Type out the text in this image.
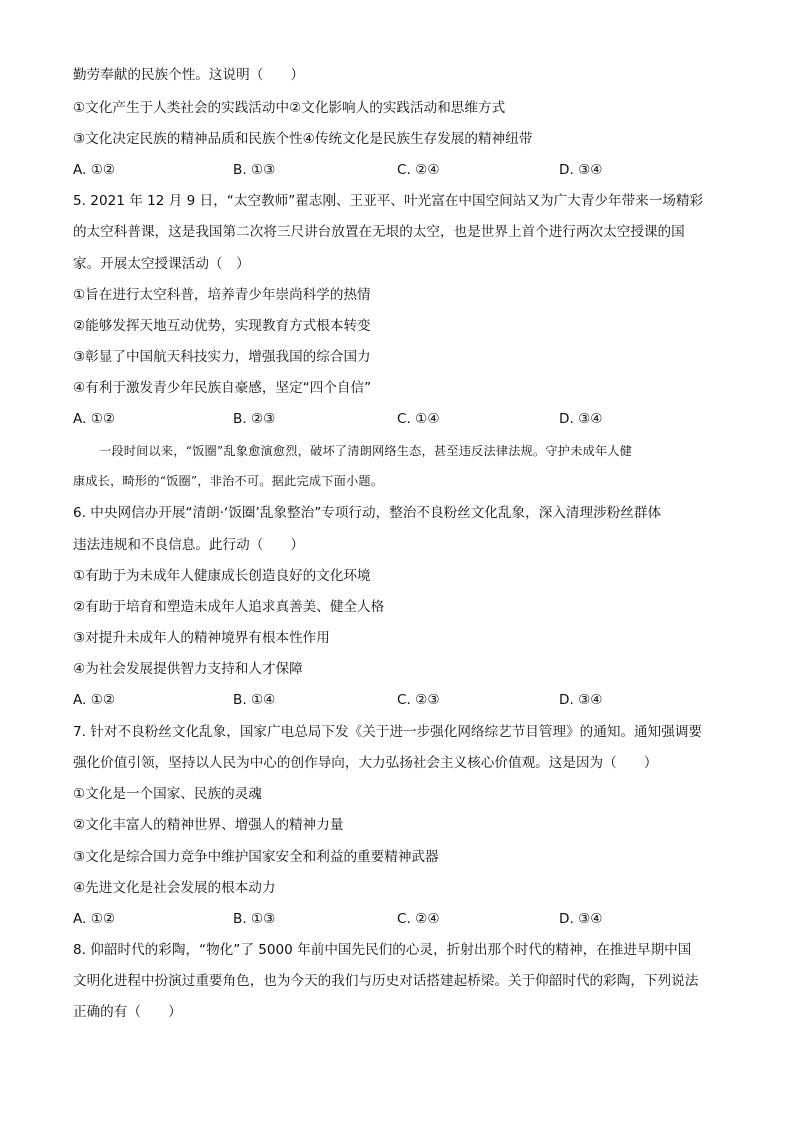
勤劳奉献的民族个性。这说明（　　）
①文化产生于人类社会的实践活动中②文化影响人的实践活动和思维方式
③文化决定民族的精神品质和民族个性④传统文化是民族生存发展的精神纽带
A. ①②	B. ①③	C. ②④	D. ③④
5. 2021 年 12 月 9 日，“太空教师”翟志刚、王亚平、叶光富在中国空间站又为广大青少年带来一场精彩
的太空科普课，这是我国第二次将三尺讲台放置在无垠的太空，也是世界上首个进行两次太空授课的国
家。开展太空授课活动（　）
①旨在进行太空科普，培养青少年崇尚科学的热情
②能够发挥天地互动优势，实现教育方式根本转变
③彰显了中国航天科技实力，增强我国的综合国力
④有利于激发青少年民族自豪感，坚定“四个自信”
A. ①②	B. ②③	C. ①④	D. ③④
一段时间以来，“饭圈”乱象愈演愈烈，破坏了清朗网络生态，甚至违反法律法规。守护未成年人健
康成长，畸形的“饭圈”，非治不可。据此完成下面小题。
6. 中央网信办开展“清朗·‘饭圈’乱象整治”专项行动，整治不良粉丝文化乱象，深入清理涉粉丝群体
违法违规和不良信息。此行动（　　）
①有助于为未成年人健康成长创造良好的文化环境
②有助于培育和塑造未成年人追求真善美、健全人格
③对提升未成年人的精神境界有根本性作用
④为社会发展提供智力支持和人才保障
A. ①②	B. ①④	C. ②③	D. ③④
7. 针对不良粉丝文化乱象，国家广电总局下发《关于进一步强化网络综艺节目管理》的通知。通知强调要
强化价值引领，坚持以人民为中心的创作导向，大力弘扬社会主义核心价值观。这是因为（　　）
①文化是一个国家、民族的灵魂
②文化丰富人的精神世界、增强人的精神力量
③文化是综合国力竞争中维护国家安全和利益的重要精神武器
④先进文化是社会发展的根本动力
A. ①②	B. ①③	C. ②④	D. ③④
8. 仰韶时代的彩陶，“物化”了 5000 年前中国先民们的心灵，折射出那个时代的精神，在推进早期中国
文明化进程中扮演过重要角色，也为今天的我们与历史对话搭建起桥梁。关于仰韶时代的彩陶，下列说法
正确的有（　　）
